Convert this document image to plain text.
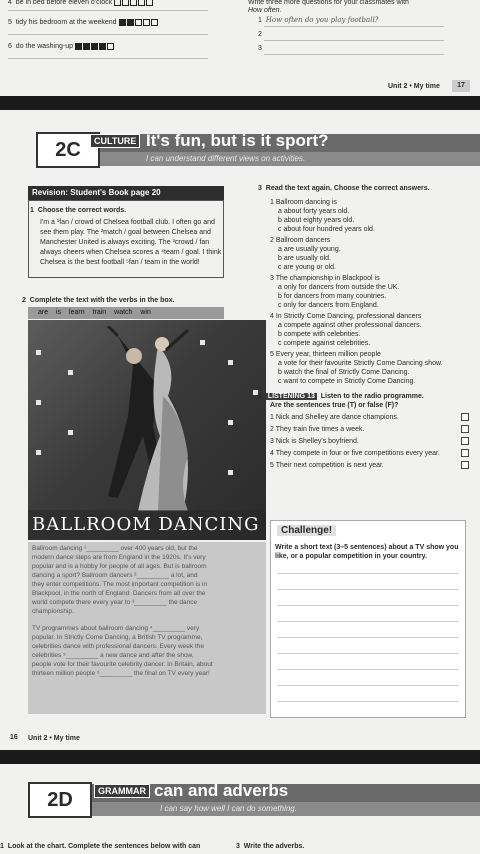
4 be in bed before eleven o'clock
5 tidy his bedroom at the weekend
6 do the washing-up
Write three more questions for your classmates with
How often.
1 How often do you play football?
2
3
Unit 2 • My time	17
2C	CULTURE It's fun, but is it sport?
I can understand different views on activities.
Revision: Student's Book page 20
1  Choose the correct words.
I'm a ¹fan / crowd of Chelsea football club. I often go and
see them play. The ²match / goal between Chelsea and
Manchester United is always exciting. The ³crowd / fan
always cheers when Chelsea scores a ⁴team / goal. I think
Chelsea is the best football ⁵fan / team in the world!
2  Complete the text with the verbs in the box.
are is learn train watch win
BALLROOM DANCING
Ballroom dancing ¹_________ over 400 years old, but the
modern dance steps are from England in the 1920s. It's very
popular and is a hobby for people of all ages. But is ballroom
dancing a sport? Ballroom dancers ²_________ a lot, and
they enter competitions. The most important competition is in
Blackpool, in the north of England. Dancers from all over the
world compete there every year to ³_________ the dance
championship.
TV programmes about ballroom dancing ⁴_________ very
popular. In Strictly Come Dancing, a British TV programme,
celebrities dance with professional dancers. Every week the
celebrities ⁵_________ a new dance and after the show,
people vote for their favourite celebrity dancer. In Britain, about
thirteen million people ⁶_________ the final on TV every year!
3  Read the text again. Choose the correct answers.
1 Ballroom dancing is
a about forty years old.
b about eighty years old.
c about four hundred years old.
2 Ballroom dancers
a are usually young.
b are usually old.
c are young or old.
3 The championship in Blackpool is
a only for dancers from outside the UK.
b for dancers from many countries.
c only for dancers from England.
4 In Strictly Come Dancing, professional dancers
a compete against other professional dancers.
b compete with celebrities.
c compete against celebrities.
5 Every year, thirteen million people
a vote for their favourite Strictly Come Dancing show.
b watch the final of Strictly Come Dancing.
c want to compete in Strictly Come Dancing.
4  LISTENING 13 Listen to the radio programme.
Are the sentences true (T) or false (F)?
1 Nick and Shelley are dance champions.
2 They train five times a week.
3 Nick is Shelley's boyfriend.
4 They compete in four or five competitions every year.
5 Their next competition is next year.
Challenge!
Write a short text (3–5 sentences) about a TV show you
like, or a popular competition in your country.
16 Unit 2 • My time
2D	GRAMMAR can and adverbs
I can say how well I can do something.
1  Look at the chart. Complete the sentences below with can	3  Write the adverbs.
